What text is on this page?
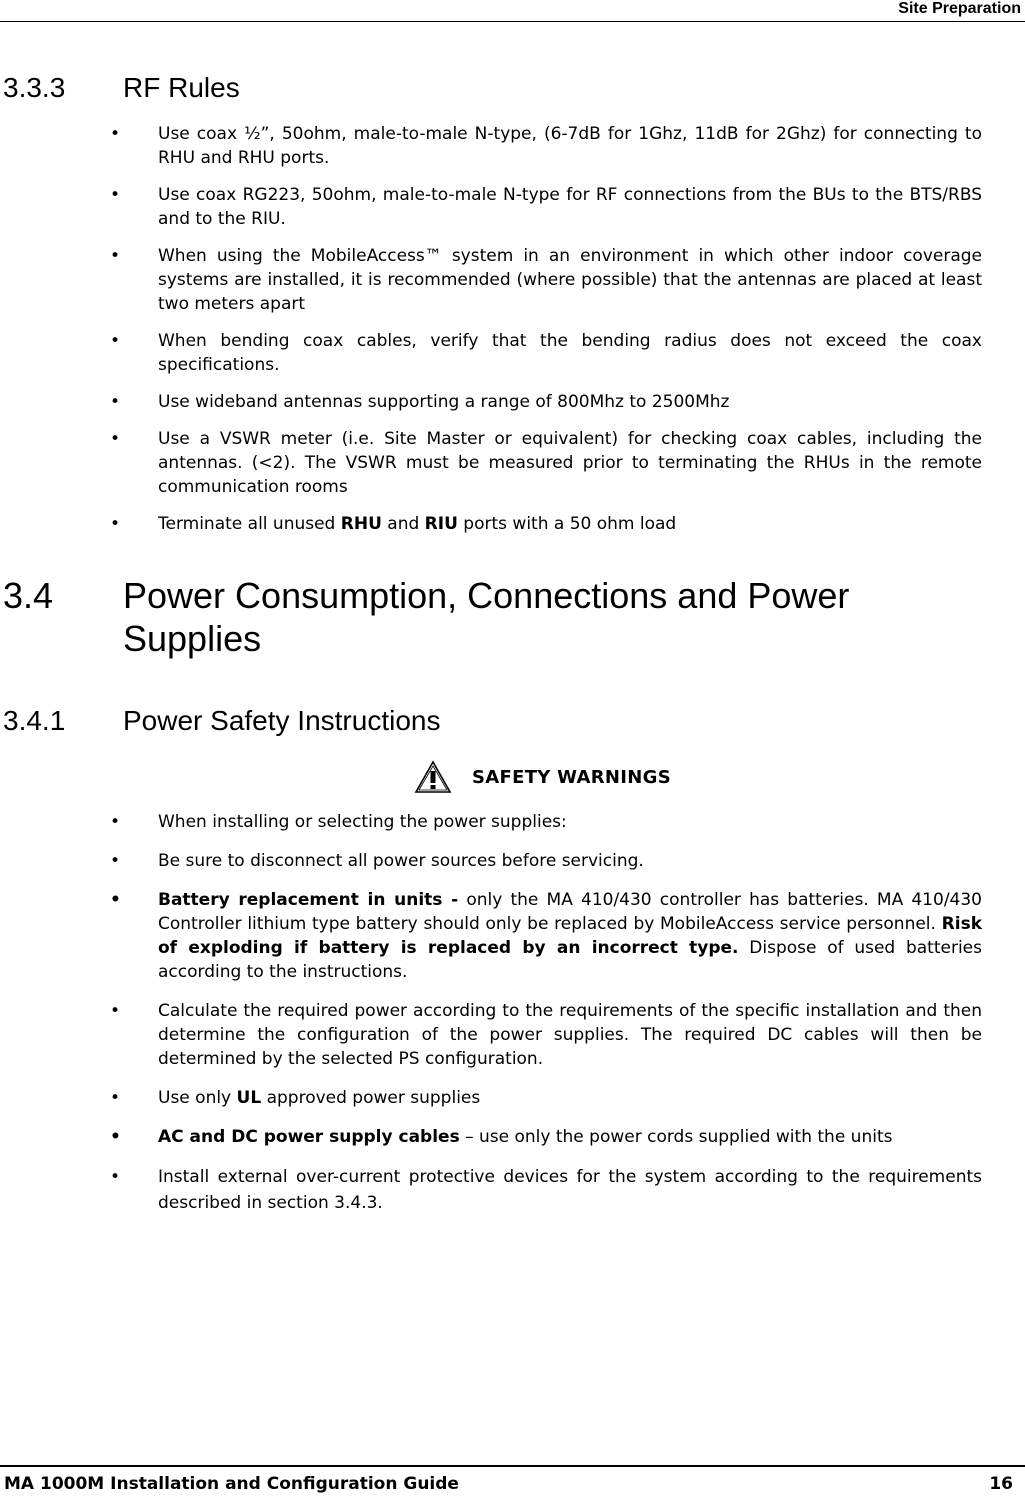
Site Preparation
3.3.3 RF Rules
• Use coax ½”, 50ohm, male-to-male N-type, (6-7dB for 1Ghz, 11dB for 2Ghz) for connecting to RHU and RHU ports.
• Use coax RG223, 50ohm, male-to-male N-type for RF connections from the BUs to the BTS/RBS and to the RIU.
• When using the MobileAccess™ system in an environment in which other indoor coverage systems are installed, it is recommended (where possible) that the antennas are placed at least two meters apart
• When bending coax cables, verify that the bending radius does not exceed the coax specifications.
• Use wideband antennas supporting a range of 800Mhz to 2500Mhz
• Use a VSWR meter (i.e. Site Master or equivalent) for checking coax cables, including the antennas. (<2). The VSWR must be measured prior to terminating the RHUs in the remote communication rooms
• Terminate all unused RHU and RIU ports with a 50 ohm load
3.4 Power Consumption, Connections and Power
Supplies
3.4.1 Power Safety Instructions
SAFETY WARNINGS
• When installing or selecting the power supplies:
• Be sure to disconnect all power sources before servicing.
• Battery replacement in units - only the MA 410/430 controller has batteries. MA 410/430 Controller lithium type battery should only be replaced by MobileAccess service personnel. Risk of exploding if battery is replaced by an incorrect type. Dispose of used batteries according to the instructions.
• Calculate the required power according to the requirements of the specific installation and then determine the configuration of the power supplies. The required DC cables will then be determined by the selected PS configuration.
• Use only UL approved power supplies
• AC and DC power supply cables – use only the power cords supplied with the units
• Install external over-current protective devices for the system according to the requirements described in section 3.4.3.
MA 1000M Installation and Configuration Guide	16
